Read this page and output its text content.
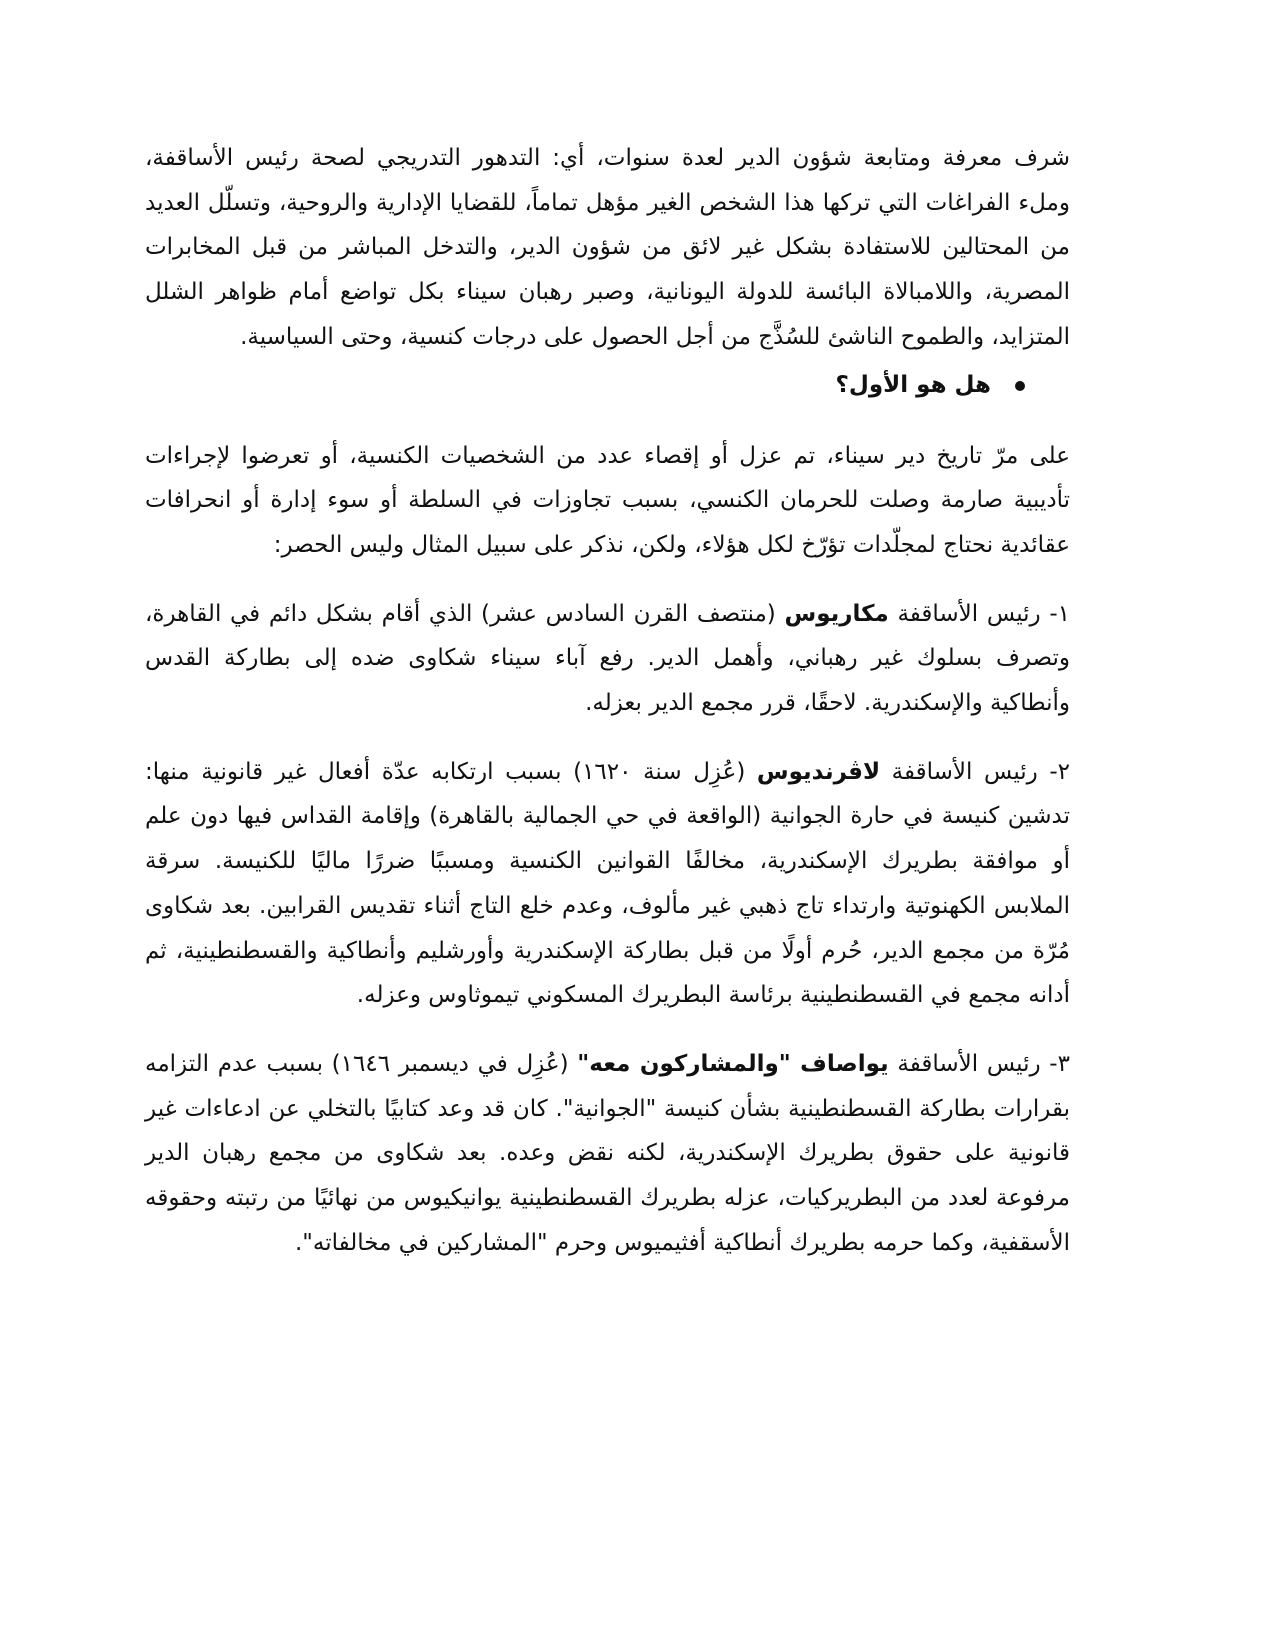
شرف معرفة ومتابعة شؤون الدير لعدة سنوات، أي: التدهور التدريجي لصحة رئيس الأساقفة، وملء الفراغات التي تركها هذا الشخص الغير مؤهل تماماً، للقضايا الإدارية والروحية، وتسلّل العديد من المحتالين للاستفادة بشكل غير لائق من شؤون الدير، والتدخل المباشر من قبل المخابرات المصرية، واللامبالاة البائسة للدولة اليونانية، وصبر رهبان سيناء بكل تواضع أمام ظواهر الشلل المتزايد، والطموح الناشئ للسُذَّج من أجل الحصول على درجات كنسية، وحتى السياسية.

هل هو الأول؟

على مرّ تاريخ دير سيناء، تم عزل أو إقصاء عدد من الشخصيات الكنسية، أو تعرضوا لإجراءات تأديبية صارمة وصلت للحرمان الكنسي، بسبب تجاوزات في السلطة أو سوء إدارة أو انحرافات عقائدية نحتاج لمجلّدات تؤرّخ لكل هؤلاء، ولكن، نذكر على سبيل المثال وليس الحصر:

١- رئيس الأساقفة مكاريوس (منتصف القرن السادس عشر) الذي أقام بشكل دائم في القاهرة، وتصرف بسلوك غير رهباني، وأهمل الدير. رفع آباء سيناء شكاوى ضده إلى بطاركة القدس وأنطاكية والإسكندرية. لاحقًا، قرر مجمع الدير بعزله.

٢- رئيس الأساقفة لاڤرنديوس (عُزِل سنة ١٦٢٠) بسبب ارتكابه عدّة أفعال غير قانونية منها: تدشين كنيسة في حارة الجوانية (الواقعة في حي الجمالية بالقاهرة) وإقامة القداس فيها دون علم أو موافقة بطريرك الإسكندرية، مخالفًا القوانين الكنسية ومسببًا ضررًا ماليًا للكنيسة. سرقة الملابس الكهنوتية وارتداء تاج ذهبي غير مألوف، وعدم خلع التاج أثناء تقديس القرابين. بعد شكاوى مُرّة من مجمع الدير، حُرم أولًا من قبل بطاركة الإسكندرية وأورشليم وأنطاكية والقسطنطينية، ثم أدانه مجمع في القسطنطينية برئاسة البطريرك المسكوني تيموثاوس وعزله.

٣- رئيس الأساقفة يواصاف "والمشاركون معه" (عُزِل في ديسمبر ١٦٤٦) بسبب عدم التزامه بقرارات بطاركة القسطنطينية بشأن كنيسة "الجوانية". كان قد وعد كتابيًا بالتخلي عن ادعاءات غير قانونية على حقوق بطريرك الإسكندرية، لكنه نقض وعده. بعد شكاوى من مجمع رهبان الدير مرفوعة لعدد من البطريركيات، عزله بطريرك القسطنطينية يوانيكيوس من نهائيًا من رتبته وحقوقه الأسقفية، وكما حرمه بطريرك أنطاكية أفثيميوس وحرم "المشاركين في مخالفاته".
